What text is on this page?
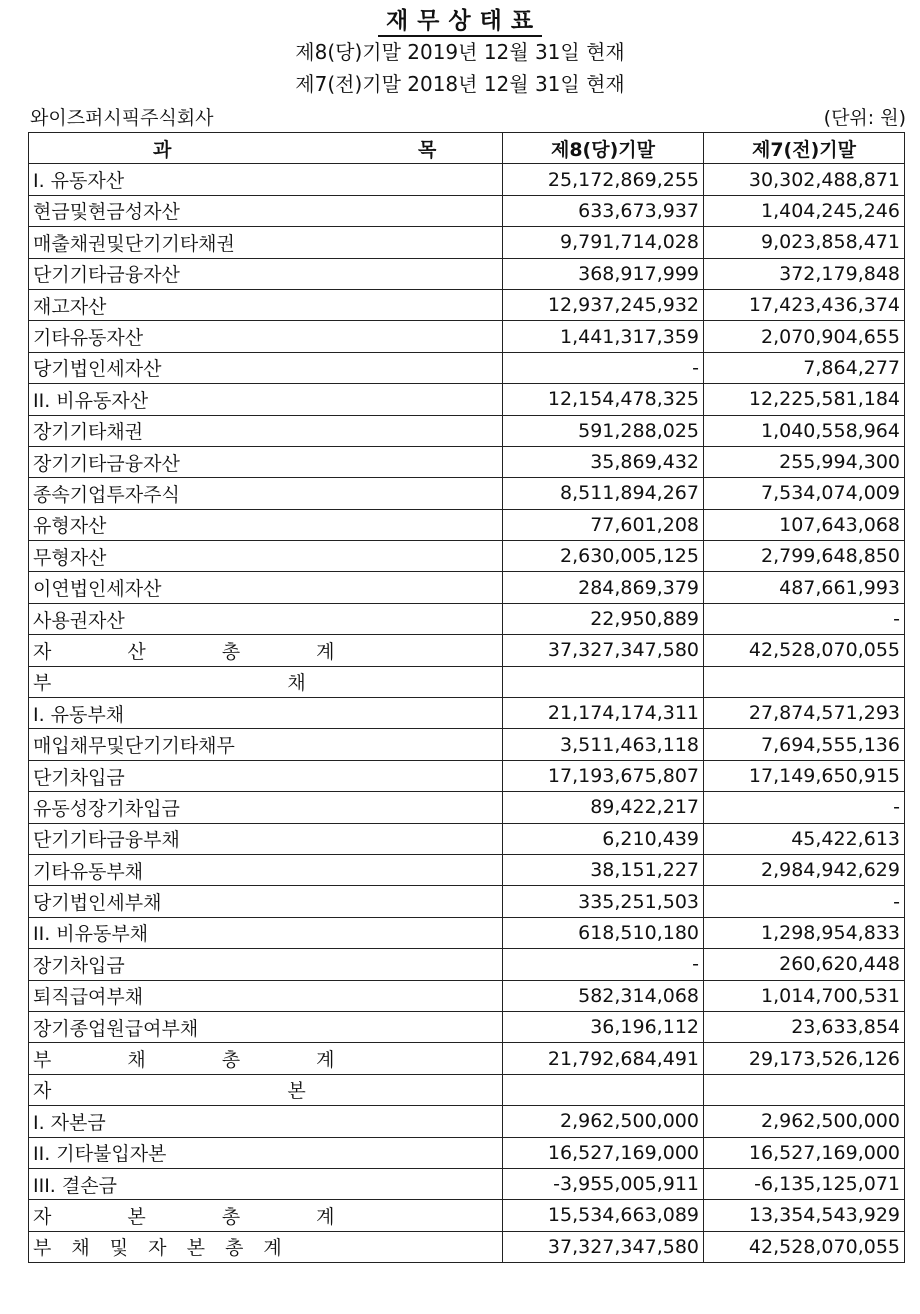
재무상태표
제8(당)기말 2019년 12월 31일 현재
제7(전)기말 2018년 12월 31일 현재
와이즈퍼시픽주식회사	(단위: 원)
과 목	제8(당)기말	제7(전)기말
I. 유동자산	25,172,869,255	30,302,488,871
현금및현금성자산	633,673,937	1,404,245,246
매출채권및단기기타채권	9,791,714,028	9,023,858,471
단기기타금융자산	368,917,999	372,179,848
재고자산	12,937,245,932	17,423,436,374
기타유동자산	1,441,317,359	2,070,904,655
당기법인세자산	-	7,864,277
II. 비유동자산	12,154,478,325	12,225,581,184
장기기타채권	591,288,025	1,040,558,964
장기기타금융자산	35,869,432	255,994,300
종속기업투자주식	8,511,894,267	7,534,074,009
유형자산	77,601,208	107,643,068
무형자산	2,630,005,125	2,799,648,850
이연법인세자산	284,869,379	487,661,993
사용권자산	22,950,889	-
자 산 총 계	37,327,347,580	42,528,070,055
부 채		
I. 유동부채	21,174,174,311	27,874,571,293
매입채무및단기기타채무	3,511,463,118	7,694,555,136
단기차입금	17,193,675,807	17,149,650,915
유동성장기차입금	89,422,217	-
단기기타금융부채	6,210,439	45,422,613
기타유동부채	38,151,227	2,984,942,629
당기법인세부채	335,251,503	-
II. 비유동부채	618,510,180	1,298,954,833
장기차입금	-	260,620,448
퇴직급여부채	582,314,068	1,014,700,531
장기종업원급여부채	36,196,112	23,633,854
부 채 총 계	21,792,684,491	29,173,526,126
자 본		
I. 자본금	2,962,500,000	2,962,500,000
II. 기타불입자본	16,527,169,000	16,527,169,000
III. 결손금	-3,955,005,911	-6,135,125,071
자 본 총 계	15,534,663,089	13,354,543,929
부 채 및 자 본 총 계	37,327,347,580	42,528,070,055
